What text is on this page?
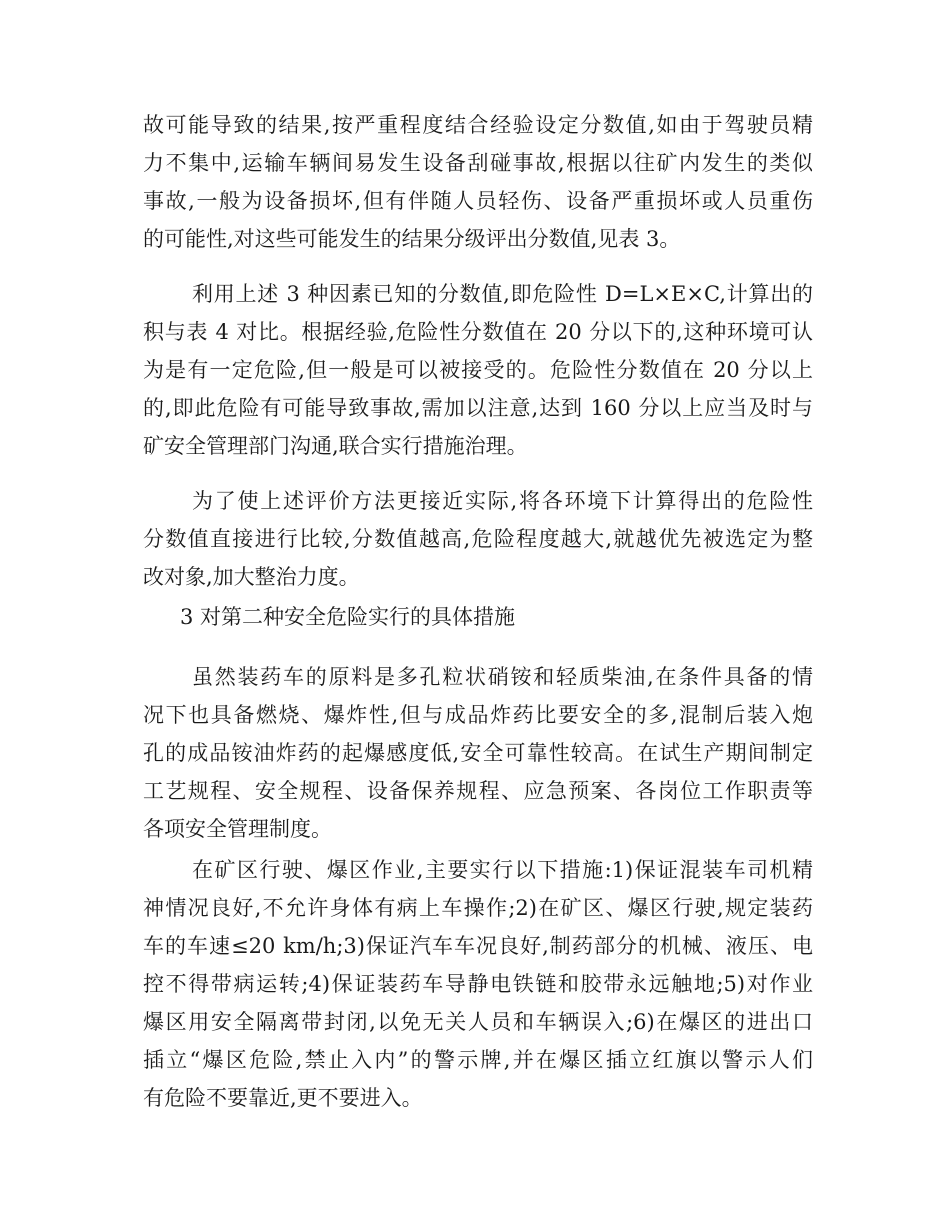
故可能导致的结果,按严重程度结合经验设定分数值,如由于驾驶员精
力不集中,运输车辆间易发生设备刮碰事故,根据以往矿内发生的类似
事故,一般为设备损坏,但有伴随人员轻伤、设备严重损坏或人员重伤
的可能性,对这些可能发生的结果分级评出分数值,见表 3。
利用上述 3 种因素已知的分数值,即危险性 D=L×E×C,计算出的
积与表 4 对比。根据经验,危险性分数值在 20 分以下的,这种环境可认
为是有一定危险,但一般是可以被接受的。危险性分数值在 20 分以上
的,即此危险有可能导致事故,需加以注意,达到 160 分以上应当及时与
矿安全管理部门沟通,联合实行措施治理。
为了使上述评价方法更接近实际,将各环境下计算得出的危险性
分数值直接进行比较,分数值越高,危险程度越大,就越优先被选定为整
改对象,加大整治力度。
3 对第二种安全危险实行的具体措施
虽然装药车的原料是多孔粒状硝铵和轻质柴油,在条件具备的情
况下也具备燃烧、爆炸性,但与成品炸药比要安全的多,混制后装入炮
孔的成品铵油炸药的起爆感度低,安全可靠性较高。在试生产期间制定
工艺规程、安全规程、设备保养规程、应急预案、各岗位工作职责等
各项安全管理制度。
在矿区行驶、爆区作业,主要实行以下措施:1)保证混装车司机精
神情况良好,不允许身体有病上车操作;2)在矿区、爆区行驶,规定装药
车的车速≤20 km/h;3)保证汽车车况良好,制药部分的机械、液压、电
控不得带病运转;4)保证装药车导静电铁链和胶带永远触地;5)对作业
爆区用安全隔离带封闭,以免无关人员和车辆误入;6)在爆区的进出口
插立“爆区危险,禁止入内”的警示牌,并在爆区插立红旗以警示人们
有危险不要靠近,更不要进入。
